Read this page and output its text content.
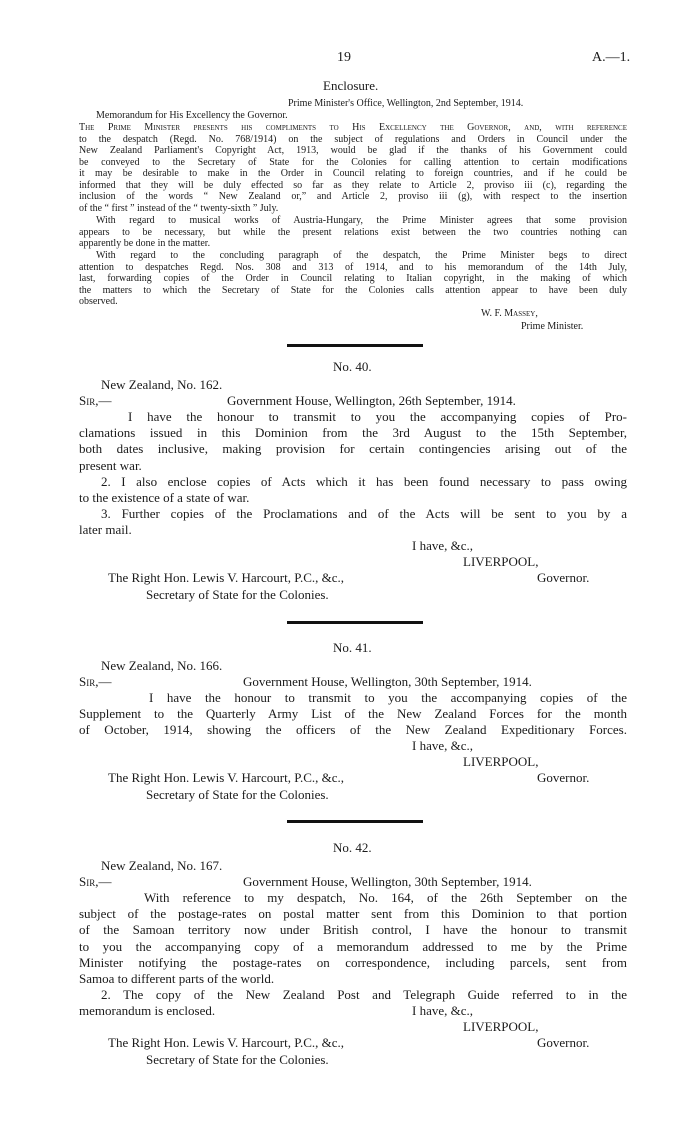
19	A.—1.
Enclosure.
Prime Minister's Office, Wellington, 2nd September, 1914.
Memorandum for His Excellency the Governor.
The Prime Minister presents his compliments to His Excellency the Governor, and, with reference
to the despatch (Regd. No. 768/1914) on the subject of regulations and Orders in Council under the
New Zealand Parliament's Copyright Act, 1913, would be glad if the thanks of his Government could
be conveyed to the Secretary of State for the Colonies for calling attention to certain modifications
it may be desirable to make in the Order in Council relating to foreign countries, and if he could be
informed that they will be duly effected so far as they relate to Article 2, proviso iii (c), regarding the
inclusion of the words “ New Zealand or,” and Article 2, proviso iii (g), with respect to the insertion
of the “ first ” instead of the “ twenty-sixth ” July.
With regard to musical works of Austria-Hungary, the Prime Minister agrees that some provision
appears to be necessary, but while the present relations exist between the two countries nothing can
apparently be done in the matter.
With regard to the concluding paragraph of the despatch, the Prime Minister begs to direct
attention to despatches Regd. Nos. 308 and 313 of 1914, and to his memorandum of the 14th July,
last, forwarding copies of the Order in Council relating to Italian copyright, in the making of which
the matters to which the Secretary of State for the Colonies calls attention appear to have been duly
observed.
W. F. Massey,
Prime Minister.
No. 40.
New Zealand, No. 162.
Sir,—	Government House, Wellington, 26th September, 1914.
I have the honour to transmit to you the accompanying copies of Pro-
clamations issued in this Dominion from the 3rd August to the 15th September,
both dates inclusive, making provision for certain contingencies arising out of the
present war.
2. I also enclose copies of Acts which it has been found necessary to pass owing
to the existence of a state of war.
3. Further copies of the Proclamations and of the Acts will be sent to you by a
later mail.
I have, &c.,
LIVERPOOL,
Governor.
The Right Hon. Lewis V. Harcourt, P.C., &c.,
Secretary of State for the Colonies.
No. 41.
New Zealand, No. 166.
Sir,—	Government House, Wellington, 30th September, 1914.
I have the honour to transmit to you the accompanying copies of the
Supplement to the Quarterly Army List of the New Zealand Forces for the month
of October, 1914, showing the officers of the New Zealand Expeditionary Forces.
I have, &c.,
LIVERPOOL,
Governor.
The Right Hon. Lewis V. Harcourt, P.C., &c.,
Secretary of State for the Colonies.
No. 42.
New Zealand, No. 167.
Sir,—	Government House, Wellington, 30th September, 1914.
With reference to my despatch, No. 164, of the 26th September on the
subject of the postage-rates on postal matter sent from this Dominion to that portion
of the Samoan territory now under British control, I have the honour to transmit
to you the accompanying copy of a memorandum addressed to me by the Prime
Minister notifying the postage-rates on correspondence, including parcels, sent from
Samoa to different parts of the world.
2. The copy of the New Zealand Post and Telegraph Guide referred to in the
memorandum is enclosed.	I have, &c.,
LIVERPOOL,
Governor.
The Right Hon. Lewis V. Harcourt, P.C., &c.,
Secretary of State for the Colonies.
